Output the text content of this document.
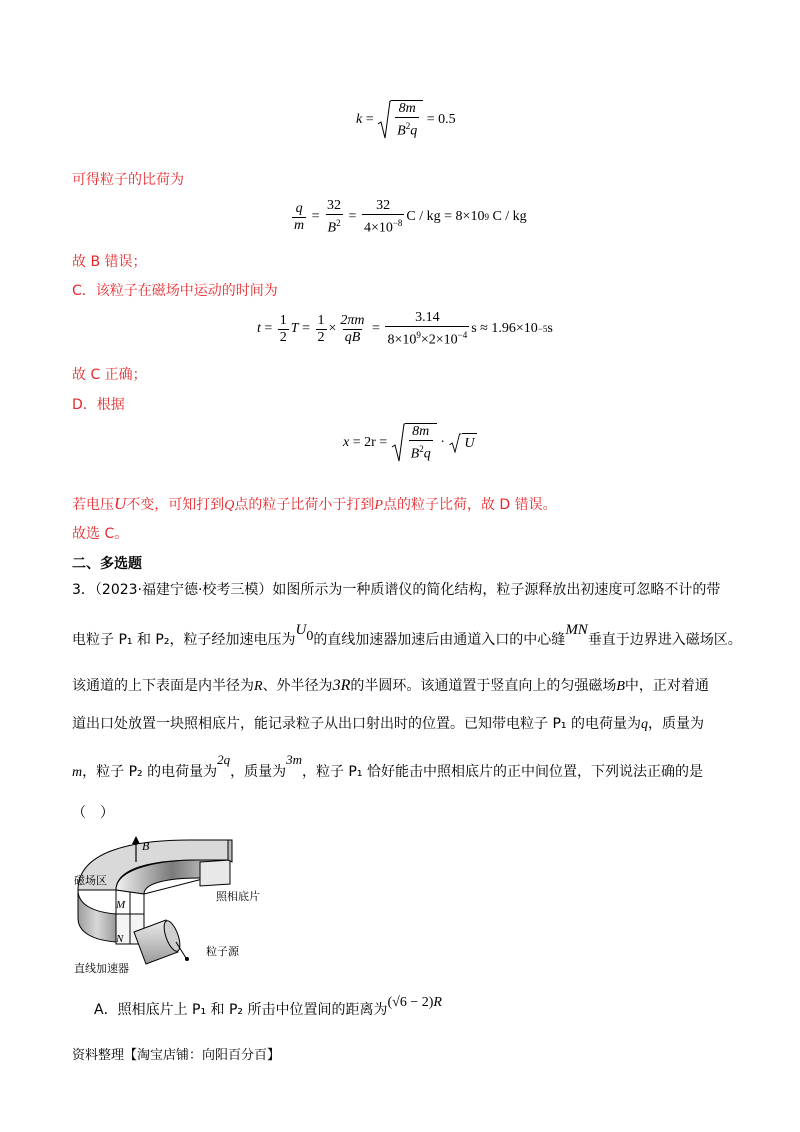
$k = \frac{8m}{B^2q}$
= 0.5
可得粒子的比荷为
$\frac{q}{m} = \frac{32}{B^2} = \frac{32}{4\times 10^{-8}}$ C / kg = 8×10 9
C / kg
故 B 错误；
C．该粒子在磁场中运动的时间为
$t = \frac{1}{2}$ $T = \frac{1}{2} \times \frac{2\pi m}{qB} = \frac{3.14}{8\times 10^9\times 2\times 10^{-4}}$ s ≈ 1.96×10 −5 s
故 C 正确；
D．根据
x
= 2r =
$\frac{8m}{B^2q} \cdot U$
若电压U不变，可知打到Q点的粒子比荷小于打到P点的粒子比荷，故 D 错误。
故选 C。
二、多选题
3．（2023·福建宁德·校考三模）如图所示为一种质谱仪的简化结构，粒子源释放出初速度可忽略不计的带
电粒子 P₁ 和 P₂，粒子经加速电压为$U_0$的直线加速器加速后由通道入口的中心缝MN垂直于边界进入磁场区。
该通道的上下表面是内半径为R、外半径为3R的半圆环。该通道置于竖直向上的匀强磁场B中，正对着通
道出口处放置一块照相底片，能记录粒子从出口射出时的位置。已知带电粒子 P₁ 的电荷量为q，质量为
m，粒子 P₂ 的电荷量为2q，质量为3m，粒子 P₁ 恰好能击中照相底片的正中间位置，下列说法正确的是
（　）
B
磁场区
照相底片
M
N
粒子源
直线加速器
A．照相底片上 P₁ 和 P₂ 所击中位置间的距离为(√6 − 2)R
资料整理【淘宝店铺：向阳百分百】
